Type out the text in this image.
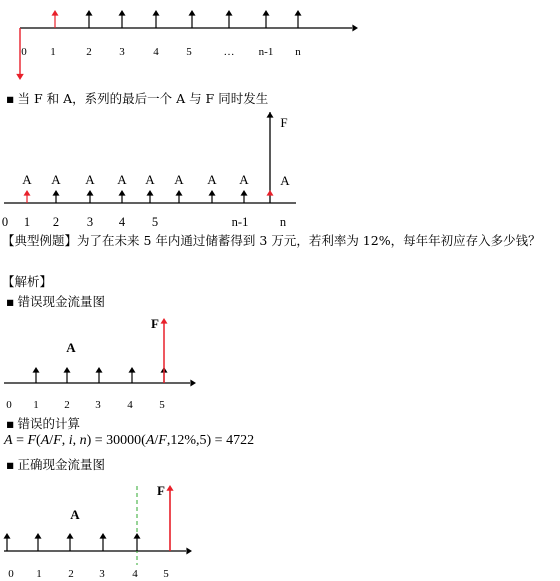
0 1	2	3	4	5	… n-1 n
▪ 当 F 和 A，系列的最后一个 A 与 F 同时发生
A A A A A A A A
F
A
0 1 2 3 4 5	n-1	n
【典型例题】为了在未来 5 年内通过储蓄得到 3 万元，若利率为 12%，每年年初应存入多少钱？
【解析】
▪ 错误现金流量图
F
A
0 1 2 3 4 5
▪ 错误的计算
A = F(A/F, i, n) = 30000(A/F,12%,5) = 4722
▪ 正确现金流量图
F
A
0 1 2 3	4 5
